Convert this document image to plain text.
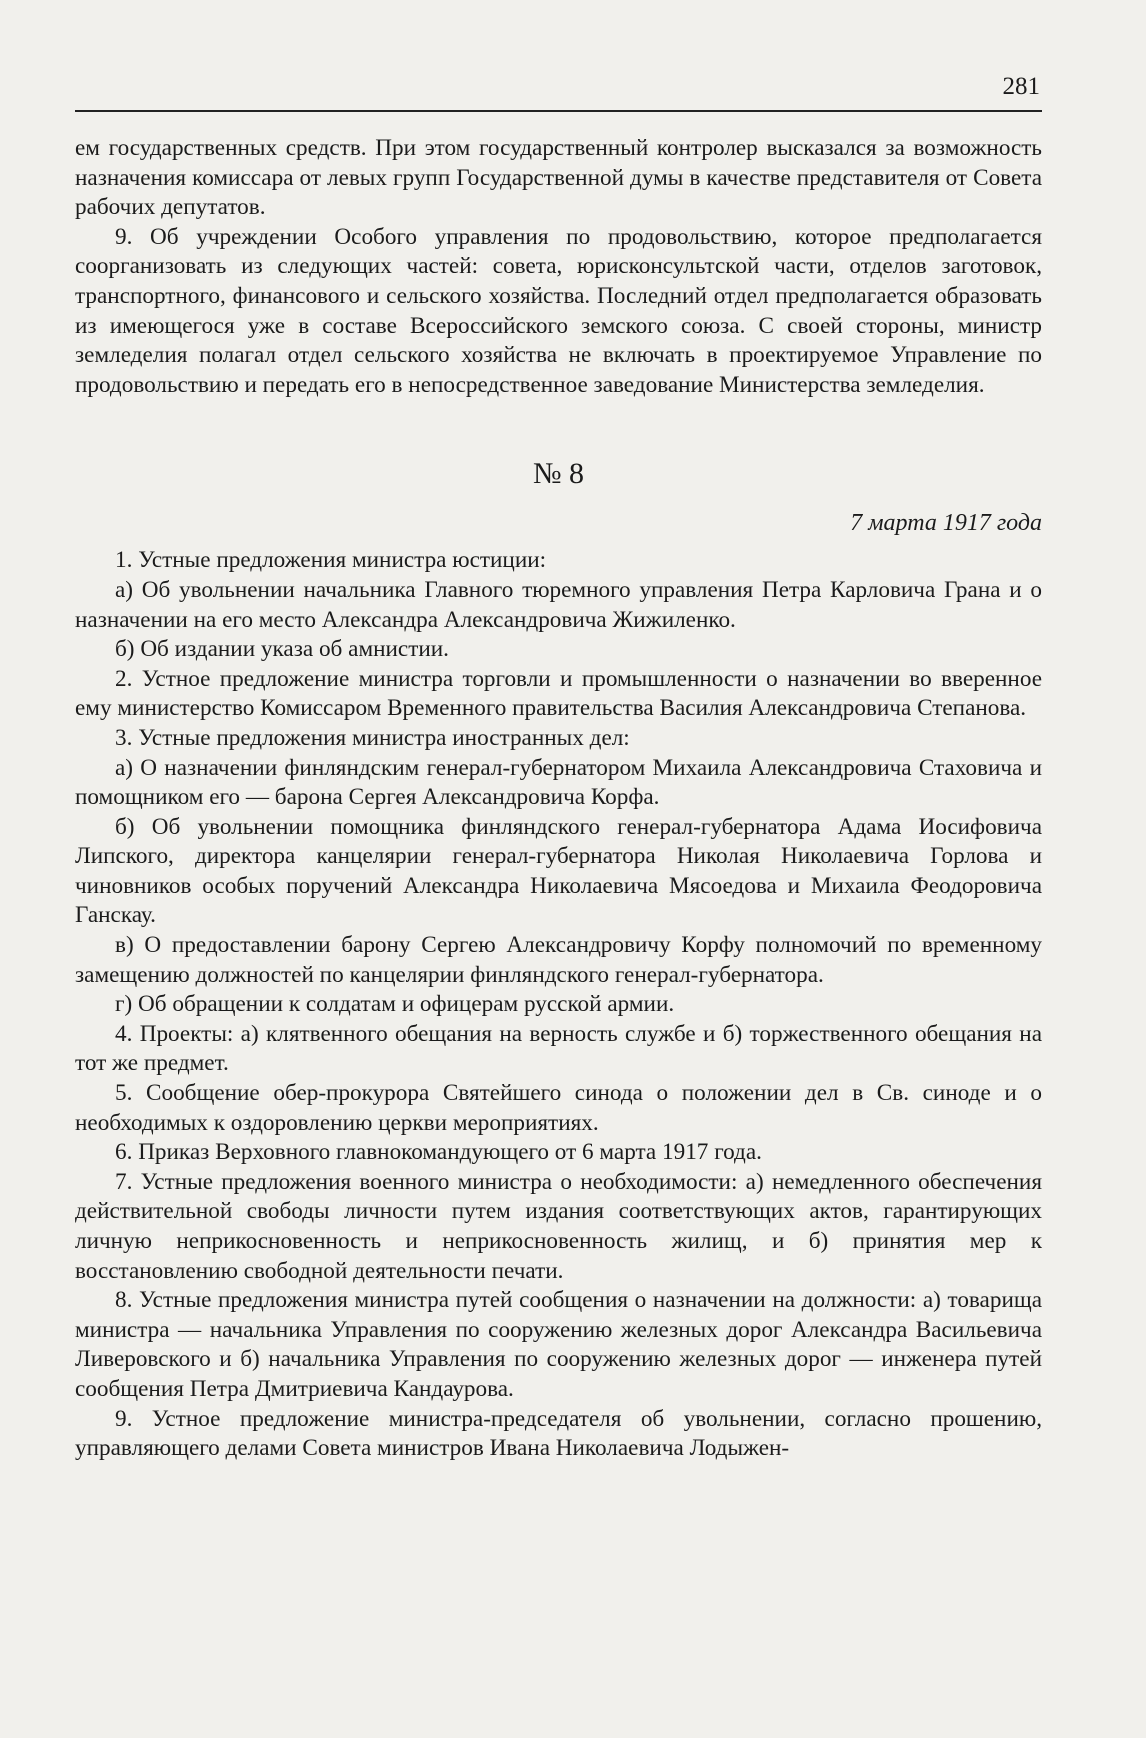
281

ем государственных средств. При этом государственный контролер высказался за возможность назначения комиссара от левых групп Государственной думы в качестве представителя от Совета рабочих депутатов.

9. Об учреждении Особого управления по продовольствию, которое предполагается соорганизовать из следующих частей: совета, юрисконсультской части, отделов заготовок, транспортного, финансового и сельского хозяйства. Последний отдел предполагается образовать из имеющегося уже в составе Всероссийского земского союза. С своей стороны, министр земледелия полагал отдел сельского хозяйства не включать в проектируемое Управление по продовольствию и передать его в непосредственное заведование Министерства земледелия.

№ 8
7 марта 1917 года

1. Устные предложения министра юстиции:

а) Об увольнении начальника Главного тюремного управления Петра Карловича Грана и о назначении на его место Александра Александровича Жижиленко.

б) Об издании указа об амнистии.

2. Устное предложение министра торговли и промышленности о назначении во вверенное ему министерство Комиссаром Временного правительства Василия Александровича Степанова.

3. Устные предложения министра иностранных дел:

а) О назначении финляндским генерал-губернатором Михаила Александровича Стаховича и помощником его — барона Сергея Александровича Корфа.

б) Об увольнении помощника финляндского генерал-губернатора Адама Иосифовича Липского, директора канцелярии генерал-губернатора Николая Николаевича Горлова и чиновников особых поручений Александра Николаевича Мясоедова и Михаила Феодоровича Ганскау.

в) О предоставлении барону Сергею Александровичу Корфу полномочий по временному замещению должностей по канцелярии финляндского генерал-губернатора.

г) Об обращении к солдатам и офицерам русской армии.

4. Проекты: а) клятвенного обещания на верность службе и б) торжественного обещания на тот же предмет.

5. Сообщение обер-прокурора Святейшего синода о положении дел в Св. синоде и о необходимых к оздоровлению церкви мероприятиях.

6. Приказ Верховного главнокомандующего от 6 марта 1917 года.

7. Устные предложения военного министра о необходимости: а) немедленного обеспечения действительной свободы личности путем издания соответствующих актов, гарантирующих личную неприкосновенность и неприкосновенность жилищ, и б) принятия мер к восстановлению свободной деятельности печати.

8. Устные предложения министра путей сообщения о назначении на должности: а) товарища министра — начальника Управления по сооружению железных дорог Александра Васильевича Ливеровского и б) начальника Управления по сооружению железных дорог — инженера путей сообщения Петра Дмитриевича Кандаурова.

9. Устное предложение министра-председателя об увольнении, согласно прошению, управляющего делами Совета министров Ивана Николаевича Лодыжен-
